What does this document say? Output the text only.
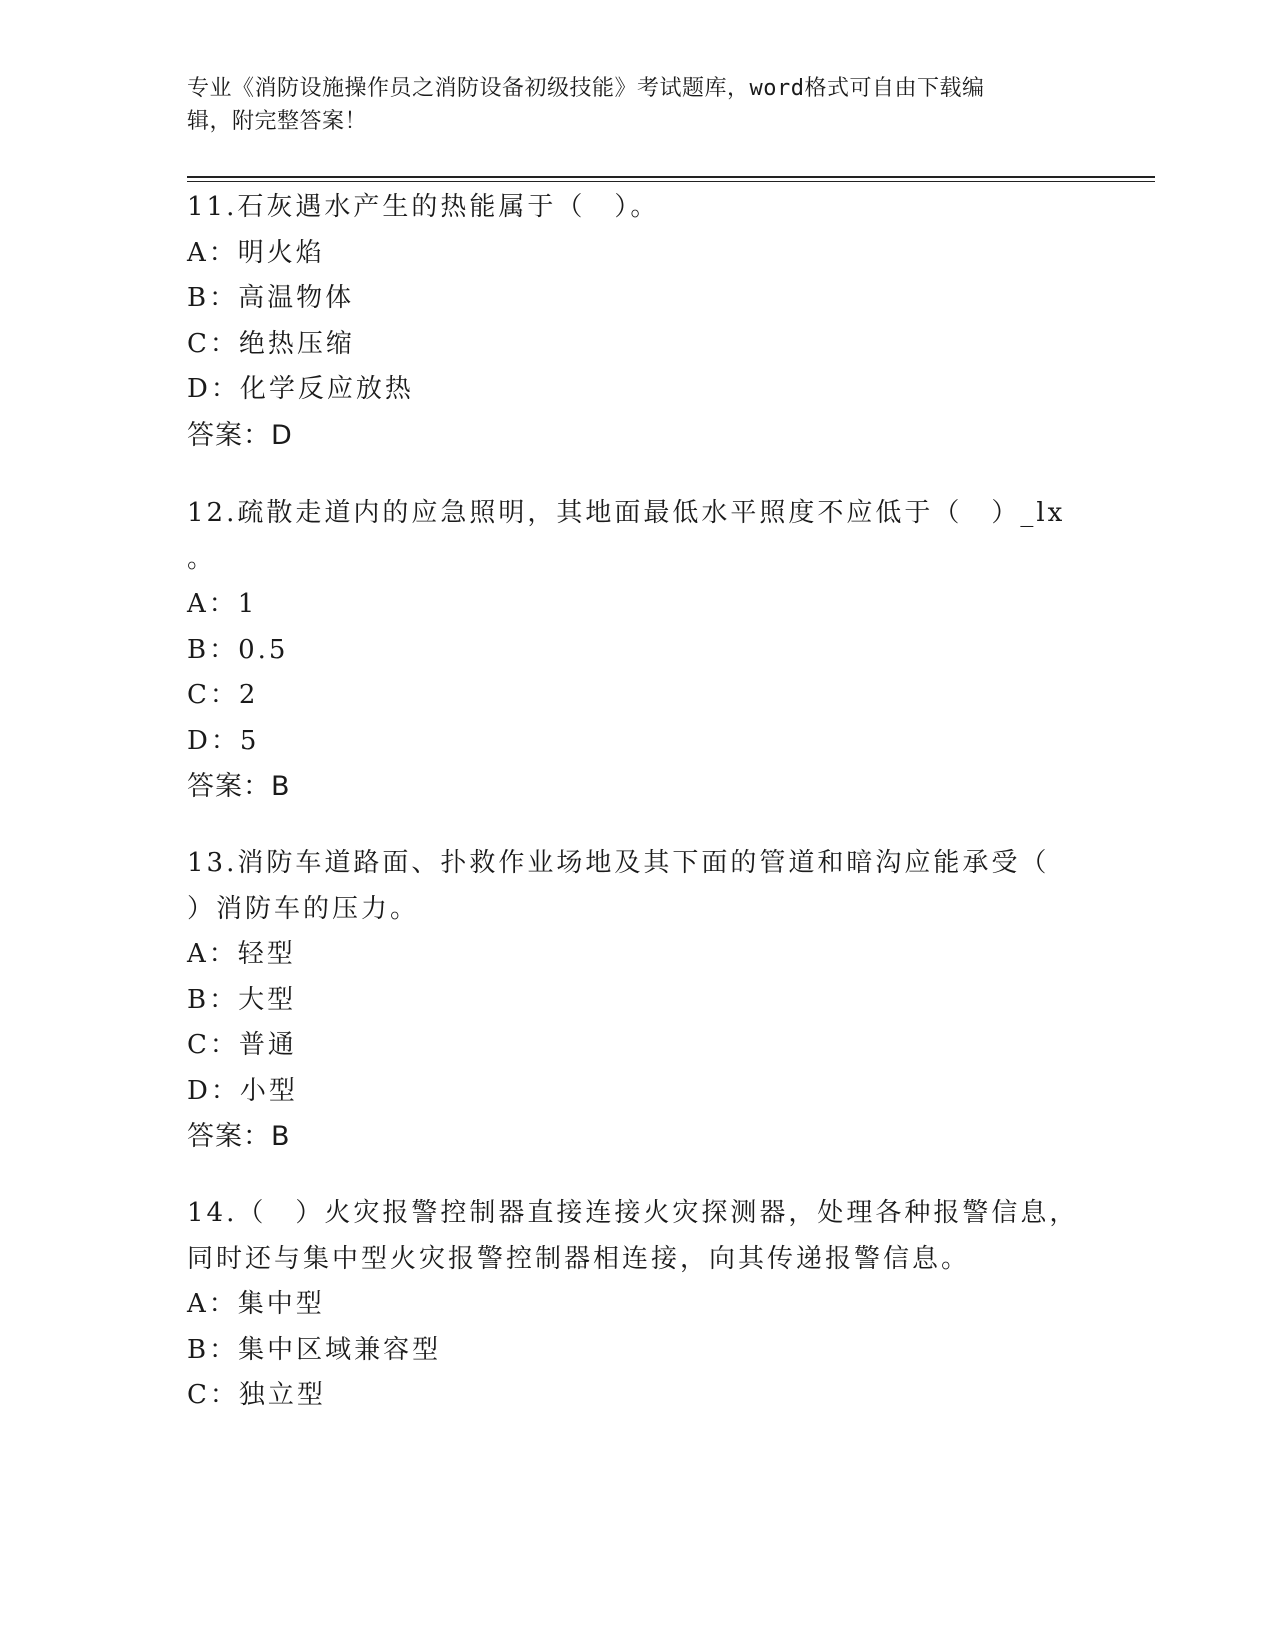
专业《消防设施操作员之消防设备初级技能》考试题库，word格式可自由下载编
辑，附完整答案！
11.石灰遇水产生的热能属于（　）。
A：明火焰
B：高温物体
C：绝热压缩
D：化学反应放热
答案：D
12.疏散走道内的应急照明，其地面最低水平照度不应低于（　）_lx
。
A：1
B：0.5
C：2
D：5
答案：B
13.消防车道路面、扑救作业场地及其下面的管道和暗沟应能承受（
）消防车的压力。
A：轻型
B：大型
C：普通
D：小型
答案：B
14.（　）火灾报警控制器直接连接火灾探测器，处理各种报警信息，
同时还与集中型火灾报警控制器相连接，向其传递报警信息。
A：集中型
B：集中区域兼容型
C：独立型
